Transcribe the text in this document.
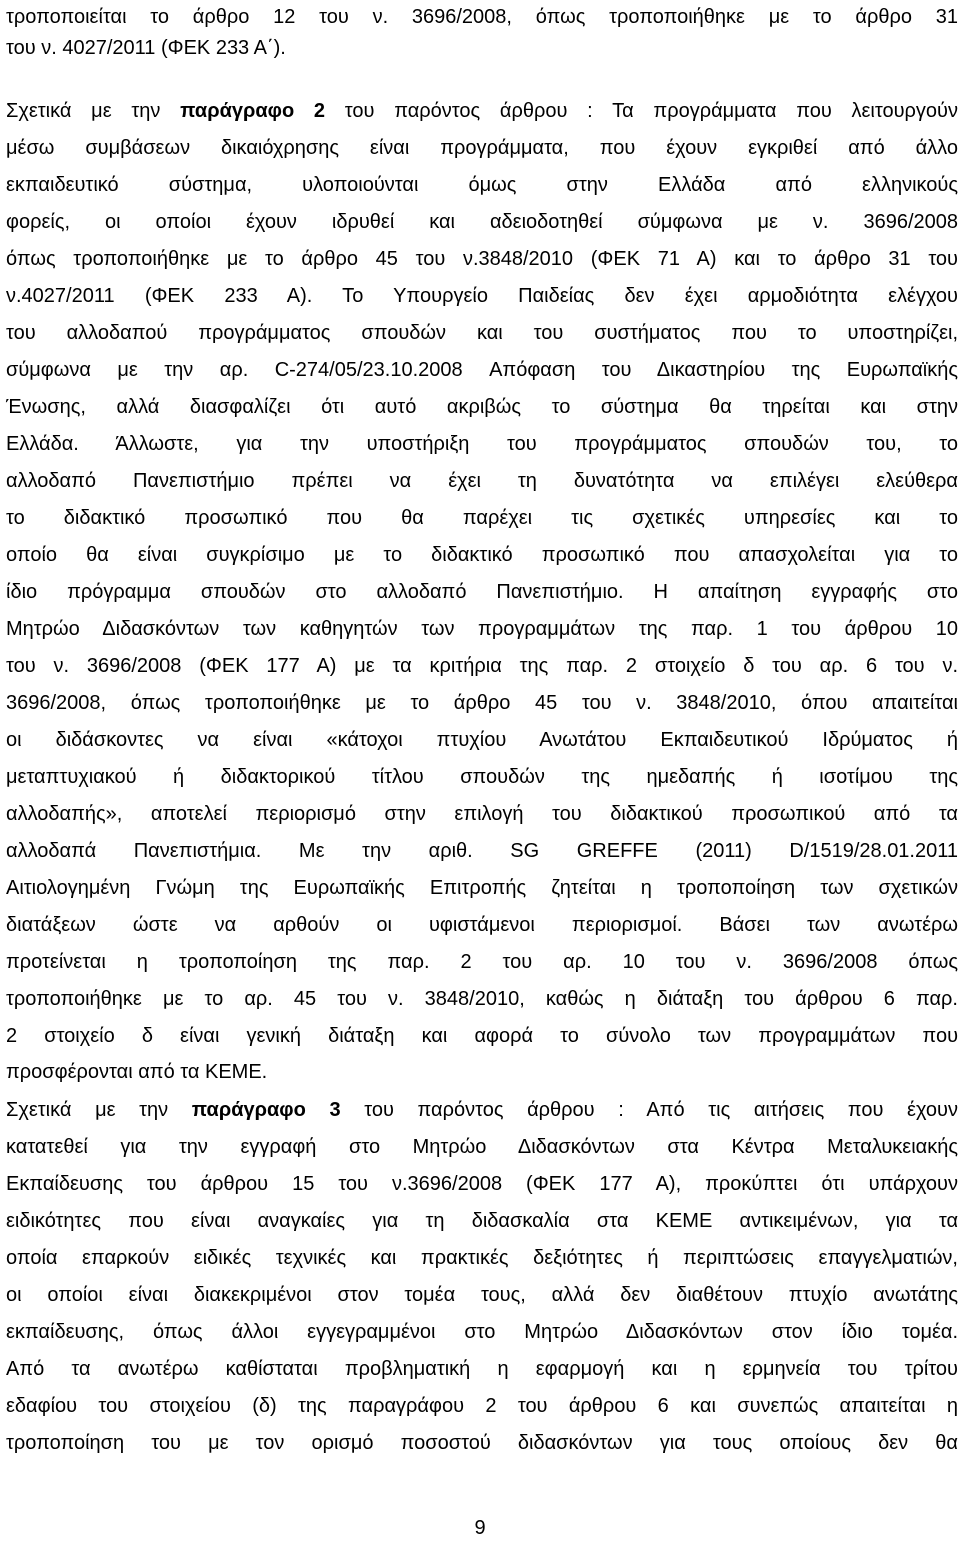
τροποποιείται το άρθρο 12 του ν. 3696/2008, όπως τροποποιήθηκε με το άρθρο 31
του ν. 4027/2011 (ΦΕΚ 233 Α΄).
Σχετικά με την παράγραφο 2 του παρόντος άρθρου : Τα προγράμματα που λειτουργούν
μέσω συμβάσεων δικαιόχρησης είναι προγράμματα, που έχουν εγκριθεί από άλλο
εκπαιδευτικό σύστημα, υλοποιούνται όμως στην Ελλάδα από ελληνικούς
φορείς, οι οποίοι έχουν ιδρυθεί και αδειοδοτηθεί σύμφωνα με ν. 3696/2008
όπως τροποποιήθηκε με το άρθρο 45 του ν.3848/2010 (ΦΕΚ 71 Α) και το άρθρο 31 του
ν.4027/2011 (ΦΕΚ 233 Α). Το Υπουργείο Παιδείας δεν έχει αρμοδιότητα ελέγχου
του αλλοδαπού προγράμματος σπουδών και του συστήματος που το υποστηρίζει,
σύμφωνα με την αρ. C-274/05/23.10.2008 Απόφαση του Δικαστηρίου της Ευρωπαϊκής
Ένωσης, αλλά διασφαλίζει ότι αυτό ακριβώς το σύστημα θα τηρείται και στην
Ελλάδα. Άλλωστε, για την υποστήριξη του προγράμματος σπουδών του, το
αλλοδαπό Πανεπιστήμιο πρέπει να έχει τη δυνατότητα να επιλέγει ελεύθερα
το διδακτικό προσωπικό που θα παρέχει τις σχετικές υπηρεσίες και το
οποίο θα είναι συγκρίσιμο με το διδακτικό προσωπικό που απασχολείται για το
ίδιο πρόγραμμα σπουδών στο αλλοδαπό Πανεπιστήμιο. Η απαίτηση εγγραφής στο
Μητρώο Διδασκόντων των καθηγητών των προγραμμάτων της παρ. 1 του άρθρου 10
του ν. 3696/2008 (ΦΕΚ 177 Α) με τα κριτήρια της παρ. 2 στοιχείο δ του αρ. 6 του ν.
3696/2008, όπως τροποποιήθηκε με το άρθρο 45 του ν. 3848/2010, όπου απαιτείται
οι διδάσκοντες να είναι «κάτοχοι πτυχίου Ανωτάτου Εκπαιδευτικού Ιδρύματος ή
μεταπτυχιακού ή διδακτορικού τίτλου σπουδών της ημεδαπής ή ισοτίμου της
αλλοδαπής», αποτελεί περιορισμό στην επιλογή του διδακτικού προσωπικού από τα
αλλοδαπά Πανεπιστήμια. Με την αριθ. SG GREFFE (2011) D/1519/28.01.2011
Αιτιολογημένη Γνώμη της Ευρωπαϊκής Επιτροπής ζητείται η τροποποίηση των σχετικών
διατάξεων ώστε να αρθούν οι υφιστάμενοι περιορισμοί. Βάσει των ανωτέρω
προτείνεται η τροποποίηση της παρ. 2 του αρ. 10 του ν. 3696/2008 όπως
τροποποιήθηκε με το αρ. 45 του ν. 3848/2010, καθώς η διάταξη του άρθρου 6 παρ.
2 στοιχείο δ είναι γενική διάταξη και αφορά το σύνολο των προγραμμάτων που
προσφέρονται από τα ΚΕΜΕ.
Σχετικά με την παράγραφο 3 του παρόντος άρθρου : Από τις αιτήσεις που έχουν
κατατεθεί για την εγγραφή στο Μητρώο Διδασκόντων στα Κέντρα Μεταλυκειακής
Εκπαίδευσης του άρθρου 15 του ν.3696/2008 (ΦΕΚ 177 Α), προκύπτει ότι υπάρχουν
ειδικότητες που είναι αναγκαίες για τη διδασκαλία στα ΚΕΜΕ αντικειμένων, για τα
οποία επαρκούν ειδικές τεχνικές και πρακτικές δεξιότητες ή περιπτώσεις επαγγελματιών,
οι οποίοι είναι διακεκριμένοι στον τομέα τους, αλλά δεν διαθέτουν πτυχίο ανωτάτης
εκπαίδευσης, όπως άλλοι εγγεγραμμένοι στο Μητρώο Διδασκόντων στον ίδιο τομέα.
Από τα ανωτέρω καθίσταται προβληματική η εφαρμογή και η ερμηνεία του τρίτου
εδαφίου του στοιχείου (δ) της παραγράφου 2 του άρθρου 6 και συνεπώς απαιτείται η
τροποποίηση του με τον ορισμό ποσοστού διδασκόντων για τους οποίους δεν θα
9
